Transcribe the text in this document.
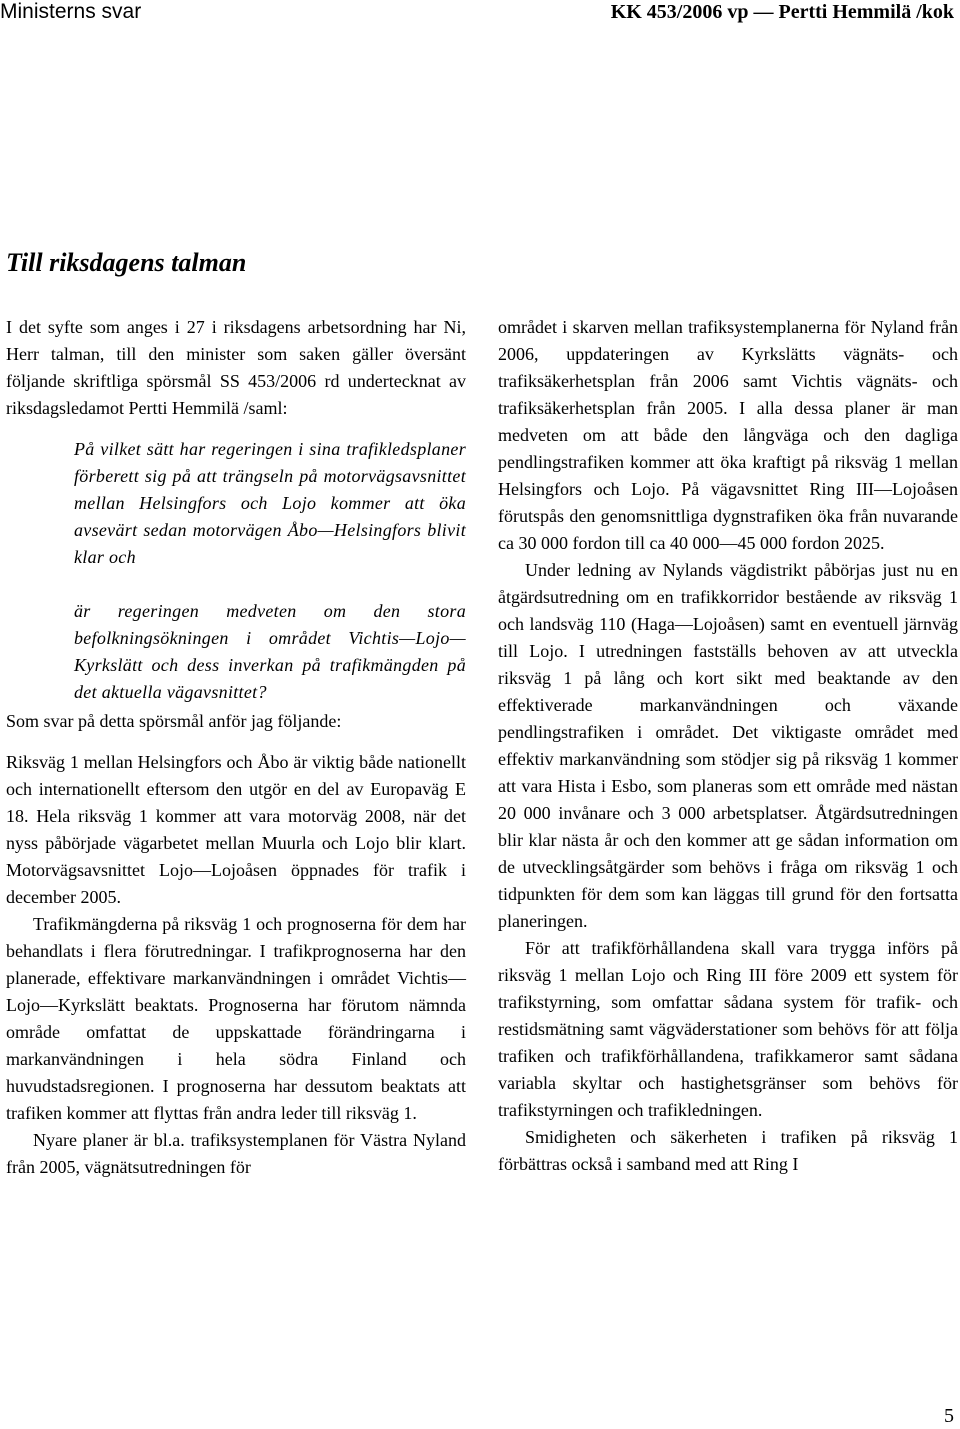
Ministerns svar	KK 453/2006 vp — Pertti Hemmilä /kok
Till riksdagens talman

I det syfte som anges i 27 i riksdagens arbetsordning har Ni, Herr talman, till den minister som saken gäller översänt följande skriftliga spörsmål SS 453/2006 rd undertecknat av riksdagsledamot Pertti Hemmilä /saml:

På vilket sätt har regeringen i sina trafikledsplaner förberett sig på att trängseln på motorvägsavsnittet mellan Helsingfors och Lojo kommer att öka avsevärt sedan motorvägen Åbo—Helsingfors blivit klar och

är regeringen medveten om den stora befolkningsökningen i området Vichtis—Lojo—Kyrkslätt och dess inverkan på trafikmängden på det aktuella vägavsnittet?

Som svar på detta spörsmål anför jag följande:

Riksväg 1 mellan Helsingfors och Åbo är viktig både nationellt och internationellt eftersom den utgör en del av Europaväg E 18. Hela riksväg 1 kommer att vara motorväg 2008, när det nyss påbörjade vägarbetet mellan Muurla och Lojo blir klart. Motorvägsavsnittet Lojo—Lojoåsen öppnades för trafik i december 2005.

Trafikmängderna på riksväg 1 och prognoserna för dem har behandlats i flera förutredningar. I trafikprognoserna har den planerade, effektivare markanvändningen i området Vichtis—Lojo—Kyrkslätt beaktats. Prognoserna har förutom nämnda område omfattat de uppskattade förändringarna i markanvändningen i hela södra Finland och huvudstadsregionen. I prognoserna har dessutom beaktats att trafiken kommer att flyttas från andra leder till riksväg 1.

Nyare planer är bl.a. trafiksystemplanen för Västra Nyland från 2005, vägnätsutredningen för

området i skarven mellan trafiksystemplanerna för Nyland från 2006, uppdateringen av Kyrkslätts vägnäts- och trafiksäkerhetsplan från 2006 samt Vichtis vägnäts- och trafiksäkerhetsplan från 2005. I alla dessa planer är man medveten om att både den långväga och den dagliga pendlingstrafiken kommer att öka kraftigt på riksväg 1 mellan Helsingfors och Lojo. På vägavsnittet Ring III—Lojoåsen förutspås den genomsnittliga dygnstrafiken öka från nuvarande ca 30 000 fordon till ca 40 000—45 000 fordon 2025.

Under ledning av Nylands vägdistrikt påbörjas just nu en åtgärdsutredning om en trafikkorridor bestående av riksväg 1 och landsväg 110 (Haga—Lojoåsen) samt en eventuell järnväg till Lojo. I utredningen fastställs behoven av att utveckla riksväg 1 på lång och kort sikt med beaktande av den effektiverade markanvändningen och växande pendlingstrafiken i området. Det viktigaste området med effektiv markanvändning som stödjer sig på riksväg 1 kommer att vara Hista i Esbo, som planeras som ett område med nästan 20 000 invånare och 3 000 arbetsplatser. Åtgärdsutredningen blir klar nästa år och den kommer att ge sådan information om de utvecklingsåtgärder som behövs i fråga om riksväg 1 och tidpunkten för dem som kan läggas till grund för den fortsatta planeringen.

För att trafikförhållandena skall vara trygga införs på riksväg 1 mellan Lojo och Ring III före 2009 ett system för trafikstyrning, som omfattar sådana system för trafik- och restidsmätning samt vägväderstationer som behövs för att följa trafiken och trafikförhållandena, trafikkameror samt sådana variabla skyltar och hastighetsgränser som behövs för trafikstyrningen och trafikledningen.

Smidigheten och säkerheten i trafiken på riksväg 1 förbättras också i samband med att Ring I

5
